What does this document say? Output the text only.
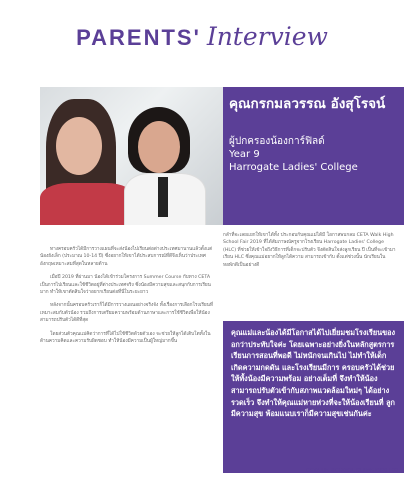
PARENTS' Interview
คุณกรกมลวรรณ อังสุโรจน์
ผู้ปกครองน้องการ์ฟิลด์
Year 9
Harrogate Ladies' College
กลำที่จะเลยแยกให้เขาได้ทั้ง ประกอบกับคุณแม่ได้มี โอกาสพบกลม CETA Walk High School Fair 2019 ที่ได้สัมภาษณ์ครูจากโรงเรียน Harrogate Ladies' College (HLC) ที่ช่วยให้เข้าใจถึงวิธีการที่เด็กจะปรับตัว จึงตัดสินใจส่งลูกเรียน ปี เป็นที่จะเข้ามาเรียน HLC ซึ่งคุณแม่อยากให้ลูกได้ความ สามารถเข้ากับ ตั้งแต่ช่วงนั้น นักเรียนในหอพักดีเป็นอย่างดี

ทางครอบครัวได้มีการวางแผนที่จะส่งน้องไปเรียนต่อต่างประเทศมานานแล้วตั้งแต่น้องยังเล็ก (ประมาณ 10-14 ปี) ซึ่งอยากให้เขาได้ประสบการณ์ที่ดีจึงเห็นว่าประเทศอังกฤษเหมาะสมที่สุดในหลายด้าน

เมื่อปี 2019 ที่ผ่านมา น้องได้เข้าร่วมโครงการ Summer Course กับทาง CETA เป็นการไปเรียนและใช้ชีวิตอยู่ที่ต่างประเทศจริง ซึ่งน้องมีความสุขและสนุกกับการเรียนมาก ทำให้เขาตัดสินใจว่าอยากเรียนต่อที่นี่ในระยะยาว

หลังจากนั้นครอบครัวเราก็ได้มีการวางแผนอย่างจริงจัง ทั้งเรื่องการเลือกโรงเรียนที่เหมาะสมกับตัวน้อง รวมถึงการเตรียมความพร้อมด้านภาษาและการใช้ชีวิตเพื่อให้น้องสามารถปรับตัวได้ดีที่สุด

โดยส่วนตัวคุณแม่คิดว่าการที่ได้ไปใช้ชีวิตด้วยตัวเอง จะช่วยให้ลูกได้เติบโตทั้งในด้านความคิดและความรับผิดชอบ ทำให้น้องมีความเป็นผู้ใหญ่มากขึ้น

คุณแม่และน้องได้มีโอกาสได้ไปเยี่ยมชมโรงเรียนของอกว่าประทับใจค่ะ โดยเฉพาะอย่างยิ่งในหลักสูตรการเรียนการสอนที่พอดี ไม่หนักจนเกินไป ไม่ทำให้เด็กเกิดความกดดัน และโรงเรียนมีการ ครอบครัวได้ช่วยให้ทั้งน้องมีความพร้อม อย่างเต็มที่ จึงทำให้น้องสามารถปรับตัวเข้ากับสภาพแวดล้อมใหม่ๆ ได้อย่างรวดเร็ว จึงทำให้คุณแม่หายห่วงที่จะให้น้องเรียนที่ ลูกมีความสุข พ้อมแนบเราก็มีความสุขเช่นกันค่ะ
CETA UK SCHOOL GUIDE 2020 | 33
